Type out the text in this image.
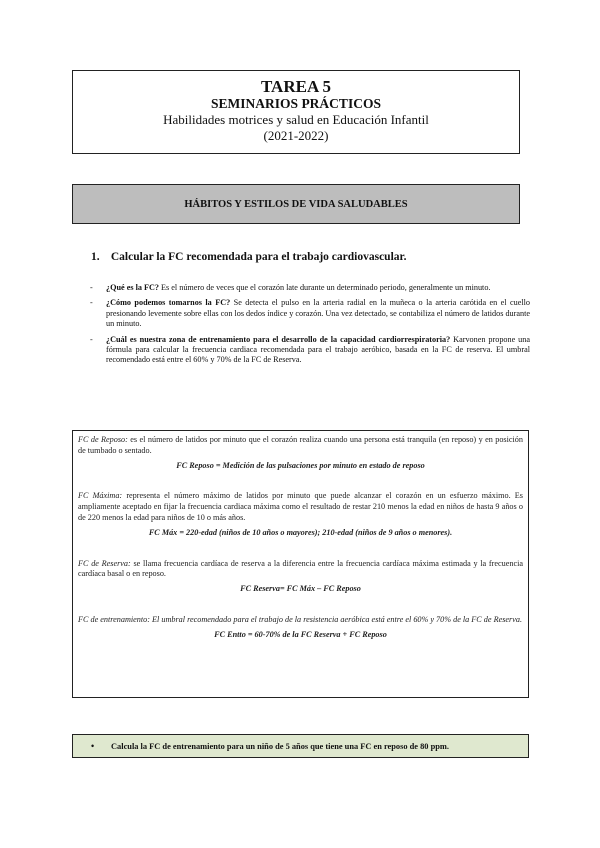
TAREA 5
SEMINARIOS PRÁCTICOS
Habilidades motrices y salud en Educación Infantil
(2021-2022)
HÁBITOS Y ESTILOS DE VIDA SALUDABLES
1. Calcular la FC recomendada para el trabajo cardiovascular.
- ¿Qué es la FC? Es el número de veces que el corazón late durante un determinado periodo, generalmente un minuto.
- ¿Cómo podemos tomarnos la FC? Se detecta el pulso en la arteria radial en la muñeca o la arteria carótida en el cuello presionando levemente sobre ellas con los dedos índice y corazón. Una vez detectado, se contabiliza el número de latidos durante un minuto.
- ¿Cuál es nuestra zona de entrenamiento para el desarrollo de la capacidad cardiorrespiratoria? Karvonen propone una fórmula para calcular la frecuencia cardiaca recomendada para el trabajo aeróbico, basada en la FC de reserva. El umbral recomendado está entre el 60% y 70% de la FC de Reserva.

FC de Reposo: es el número de latidos por minuto que el corazón realiza cuando una persona está tranquila (en reposo) y en posición de tumbado o sentado.

FC Reposo = Medición de las pulsaciones por minuto en estado de reposo

FC Máxima: representa el número máximo de latidos por minuto que puede alcanzar el corazón en un esfuerzo máximo. Es ampliamente aceptado en fijar la frecuencia cardiaca máxima como el resultado de restar 210 menos la edad en niños de hasta 9 años o de 220 menos la edad para niños de 10 o más años.

FC Máx = 220-edad (niños de 10 años o mayores); 210-edad (niños de 9 años o menores).

FC de Reserva: se llama frecuencia cardíaca de reserva a la diferencia entre la frecuencia cardíaca máxima estimada y la frecuencia cardíaca basal o en reposo.

FC Reserva= FC Máx – FC Reposo

FC de entrenamiento: El umbral recomendado para el trabajo de la resistencia aeróbica está entre el 60% y 70% de la FC de Reserva.

FC Entto = 60-70% de la FC Reserva + FC Reposo

•	Calcula la FC de entrenamiento para un niño de 5 años que tiene una FC en reposo de 80 ppm.
